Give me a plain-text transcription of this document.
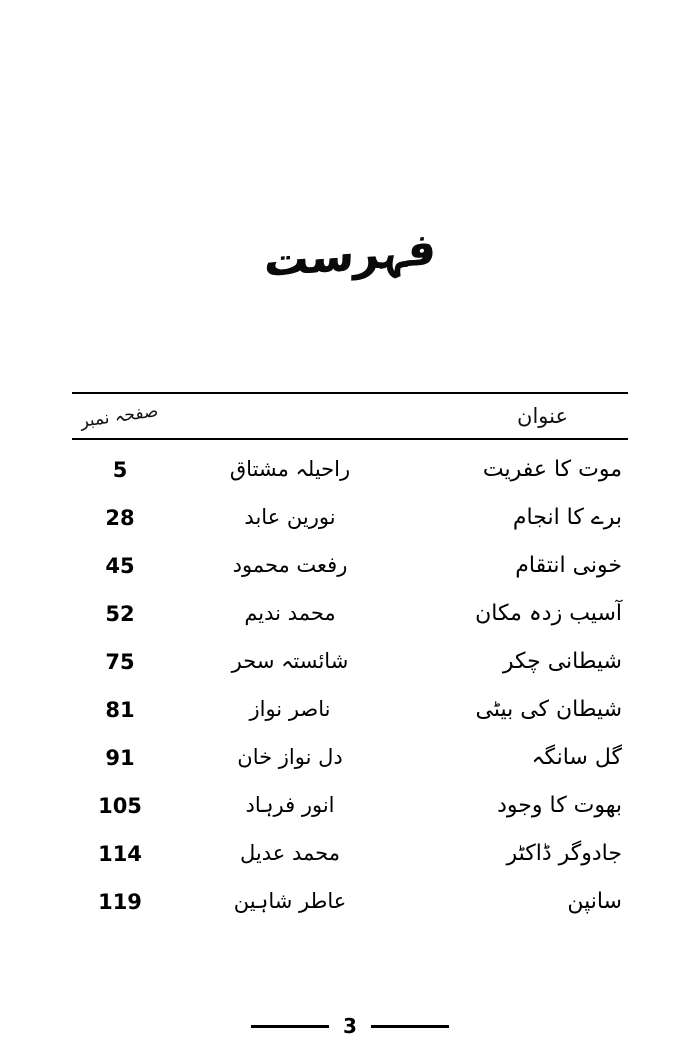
فہرست
عنوان
صفحہ نمبر
موت کا عفریت
راحیلہ مشتاق
5
برے کا انجام
نورین عابد
28
خونی انتقام
رفعت محمود
45
آسیب زدہ مکان
محمد ندیم
52
شیطانی چکر
شائستہ سحر
75
شیطان کی بیٹی
ناصر نواز
81
گل سانگہ
دل نواز خان
91
بھوت کا وجود
انور فرہاد
105
جادوگر ڈاکٹر
محمد عدیل
114
سانپن
عاطر شاہین
119
3
